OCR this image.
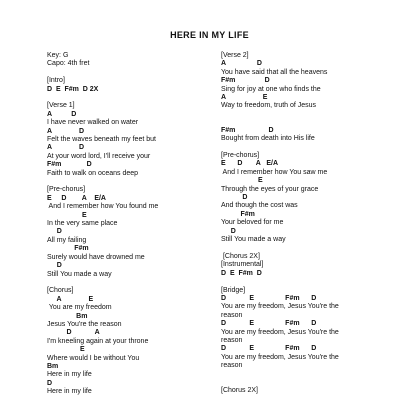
HERE IN MY LIFE
Key: G
Capo: 4th fret
[Intro]
D  E  F#m  D 2X
[Verse 1]
A          D
I have never walked on water
A              D
Felt the waves beneath my feet but
A              D
At your word lord, I'll receive your
F#m             D
Faith to walk on oceans deep
[Pre-chorus]
E     D        A    E/A
And I remember how You found me
E
In the very same place
D
All my failing
F#m
Surely would have drowned me
D
Still You made a way
[Chorus]
A              E
You are my freedom
Bm
Jesus You're the reason
D            A
I'm kneeling again at your throne
E
Where would I be without You
Bm
Here in my life
D
Here in my life
[Verse 2]
A                D
You have said that all the heavens
F#m               D
Sing for joy at one who finds the
A                   E
Way to freedom, truth of Jesus
F#m                 D
Bought from death into His life
[Pre-chorus]
E      D       A   E/A
And I remember how You saw me
E
Through the eyes of your grace
D
And though the cost was
F#m
Your beloved for me
D
Still You made a way
[Chorus 2X]
[Instrumental]
D  E  F#m  D
[Bridge]
D            E                F#m      D
You are my freedom, Jesus You're the
reason
D            E                F#m      D
You are my freedom, Jesus You're the
reason
D            E                F#m      D
You are my freedom, Jesus You're the
reason
[Chorus 2X]
